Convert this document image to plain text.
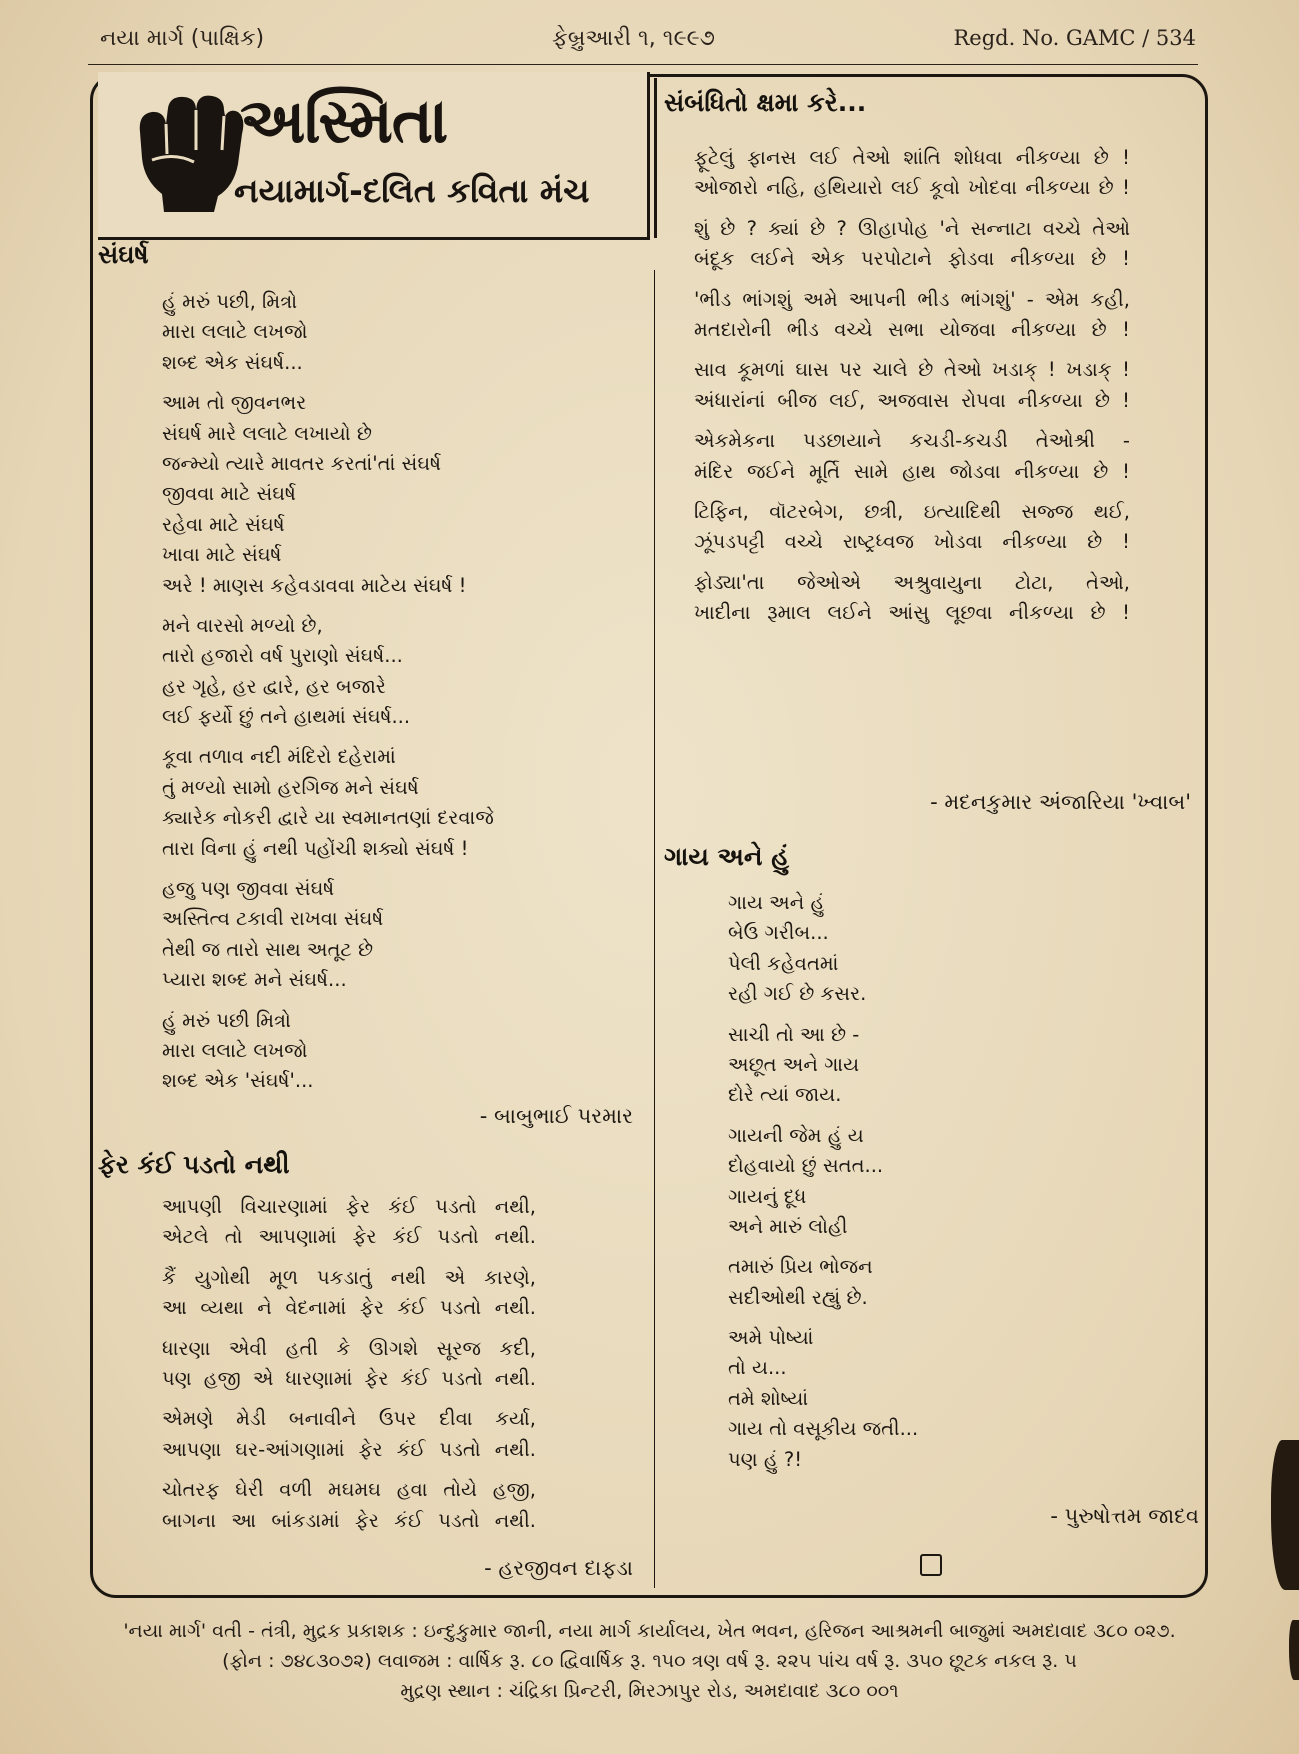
નયા માર્ગ (પાક્ષિક)	ફેબ્રુઆરી ૧, ૧૯૯૭	Regd. No. GAMC / 534
અસ્મિતા
નયામાર્ગ-દલિત કવિતા મંચ
સંઘર્ષ
હું મરું પછી, મિત્રો
મારા લલાટે લખજો
શબ્દ એક સંઘર્ષ...
આમ તો જીવનભર
સંઘર્ષ મારે લલાટે લખાયો છે
જન્મ્યો ત્યારે માવતર કરતાં'તાં સંઘર્ષ
જીવવા માટે સંઘર્ષ
રહેવા માટે સંઘર્ષ
ખાવા માટે સંઘર્ષ
અરે ! માણસ કહેવડાવવા માટેય સંઘર્ષ !
મને વારસો મળ્યો છે,
તારો હજારો વર્ષ પુરાણો સંઘર્ષ...
હર ગૃહે, હર દ્વારે, હર બજારે
લઈ ફર્યો છું તને હાથમાં સંઘર્ષ...
કૂવા તળાવ નદી મંદિરો દહેરામાં
તું મળ્યો સામો હરગિજ મને સંઘર્ષ
ક્યારેક નોકરી દ્વારે યા સ્વમાનતણાં દરવાજે
તારા વિના હું નથી પહોંચી શક્યો સંઘર્ષ !
હજુ પણ જીવવા સંઘર્ષ
અસ્તિત્વ ટકાવી રાખવા સંઘર્ષ
તેથી જ તારો સાથ અતૂટ છે
પ્યારા શબ્દ મને સંઘર્ષ...
હું મરું પછી મિત્રો
મારા લલાટે લખજો
શબ્દ એક 'સંઘર્ષ'...
- બાબુભાઈ પરમાર
ફેર કંઈ પડતો નથી
આપણી વિચારણામાં ફેર કંઈ પડતો નથી,
એટલે તો આપણામાં ફેર કંઈ પડતો નથી.
કૈં યુગોથી મૂળ પકડાતું નથી એ કારણે,
આ વ્યથા ને વેદનામાં ફેર કંઈ પડતો નથી.
ધારણા એવી હતી કે ઊગશે સૂરજ કદી,
પણ હજી એ ધારણામાં ફેર કંઈ પડતો નથી.
એમણે મેડી બનાવીને ઉપર દીવા કર્યા,
આપણા ઘર-આંગણામાં ફેર કંઈ પડતો નથી.
ચોતરફ ઘેરી વળી મઘમઘ હવા તોયે હજી,
બાગના આ બાંકડામાં ફેર કંઈ પડતો નથી.
- હરજીવન દાફડા
સંબંધિતો ક્ષમા કરે...
ફૂટેલું ફાનસ લઈ તેઓ શાંતિ શોધવા નીકળ્યા છે !
ઓજારો નહિ, હથિયારો લઈ કૂવો ખોદવા નીકળ્યા છે !
શું છે ? ક્યાં છે ? ઊહાપોહ 'ને સન્નાટા વચ્ચે તેઓ
બંદૂક લઈને એક પરપોટાને ફોડવા નીકળ્યા છે !
'ભીડ ભાંગશું અમે આપની ભીડ ભાંગશું' - એમ કહી,
મતદારોની ભીડ વચ્ચે સભા યોજવા નીકળ્યા છે !
સાવ કૂમળાં ઘાસ પર ચાલે છે તેઓ ખડાક્ ! ખડાક્ !
અંધારાંનાં બીજ લઈ, અજવાસ રોપવા નીકળ્યા છે !
એકમેકના પડછાયાને કચડી-કચડી તેઓશ્રી -
મંદિર જઈને મૂર્તિ સામે હાથ જોડવા નીકળ્યા છે !
ટિફિન, વૉટરબેગ, છત્રી, ઇત્યાદિથી સજ્જ થઈ,
ઝૂંપડપટ્ટી વચ્ચે રાષ્ટ્રધ્વજ ખોડવા નીકળ્યા છે !
ફોડ્યા'તા જેઓએ અશ્રુવાયુના ટોટા, તેઓ,
ખાદીના રૂમાલ લઈને આંસુ લૂછવા નીકળ્યા છે !
- મદનકુમાર અંજારિયા 'ખ્વાબ'
ગાય અને હું
ગાય અને હું
બેઉ ગરીબ...
પેલી કહેવતમાં
રહી ગઈ છે કસર.
સાચી તો આ છે -
અછૂત અને ગાય
દોરે ત્યાં જાય.
ગાયની જેમ હું ય
દોહવાયો છું સતત...
ગાયનું દૂધ
અને મારું લોહી
તમારું પ્રિય ભોજન
સદીઓથી રહ્યું છે.
અમે પોષ્યાં
તો ય...
તમે શોષ્યાં
ગાય તો વસૂકીય જતી...
પણ હું ?!
- પુરુષોત્તમ જાદવ
'નયા માર્ગ' વતી - તંત્રી, મુદ્રક પ્રકાશક : ઇન્દુકુમાર જાની, નયા માર્ગ કાર્યાલય, ખેત ભવન, હરિજન આશ્રમની બાજુમાં અમદાવાદ ૩૮૦ ૦૨૭.
(ફોન : ૭૪૮૩૦૭૨) લવાજમ : વાર્ષિક રૂ. ૮૦ દ્વિવાર્ષિક રૂ. ૧૫૦ ત્રણ વર્ષ રૂ. ૨૨૫ પાંચ વર્ષ રૂ. ૩૫૦ છૂટક નકલ રૂ. ૫
મુદ્રણ સ્થાન : ચંદ્રિકા પ્રિન્ટરી, મિરઝાપુર રોડ, અમદાવાદ ૩૮૦ ૦૦૧
